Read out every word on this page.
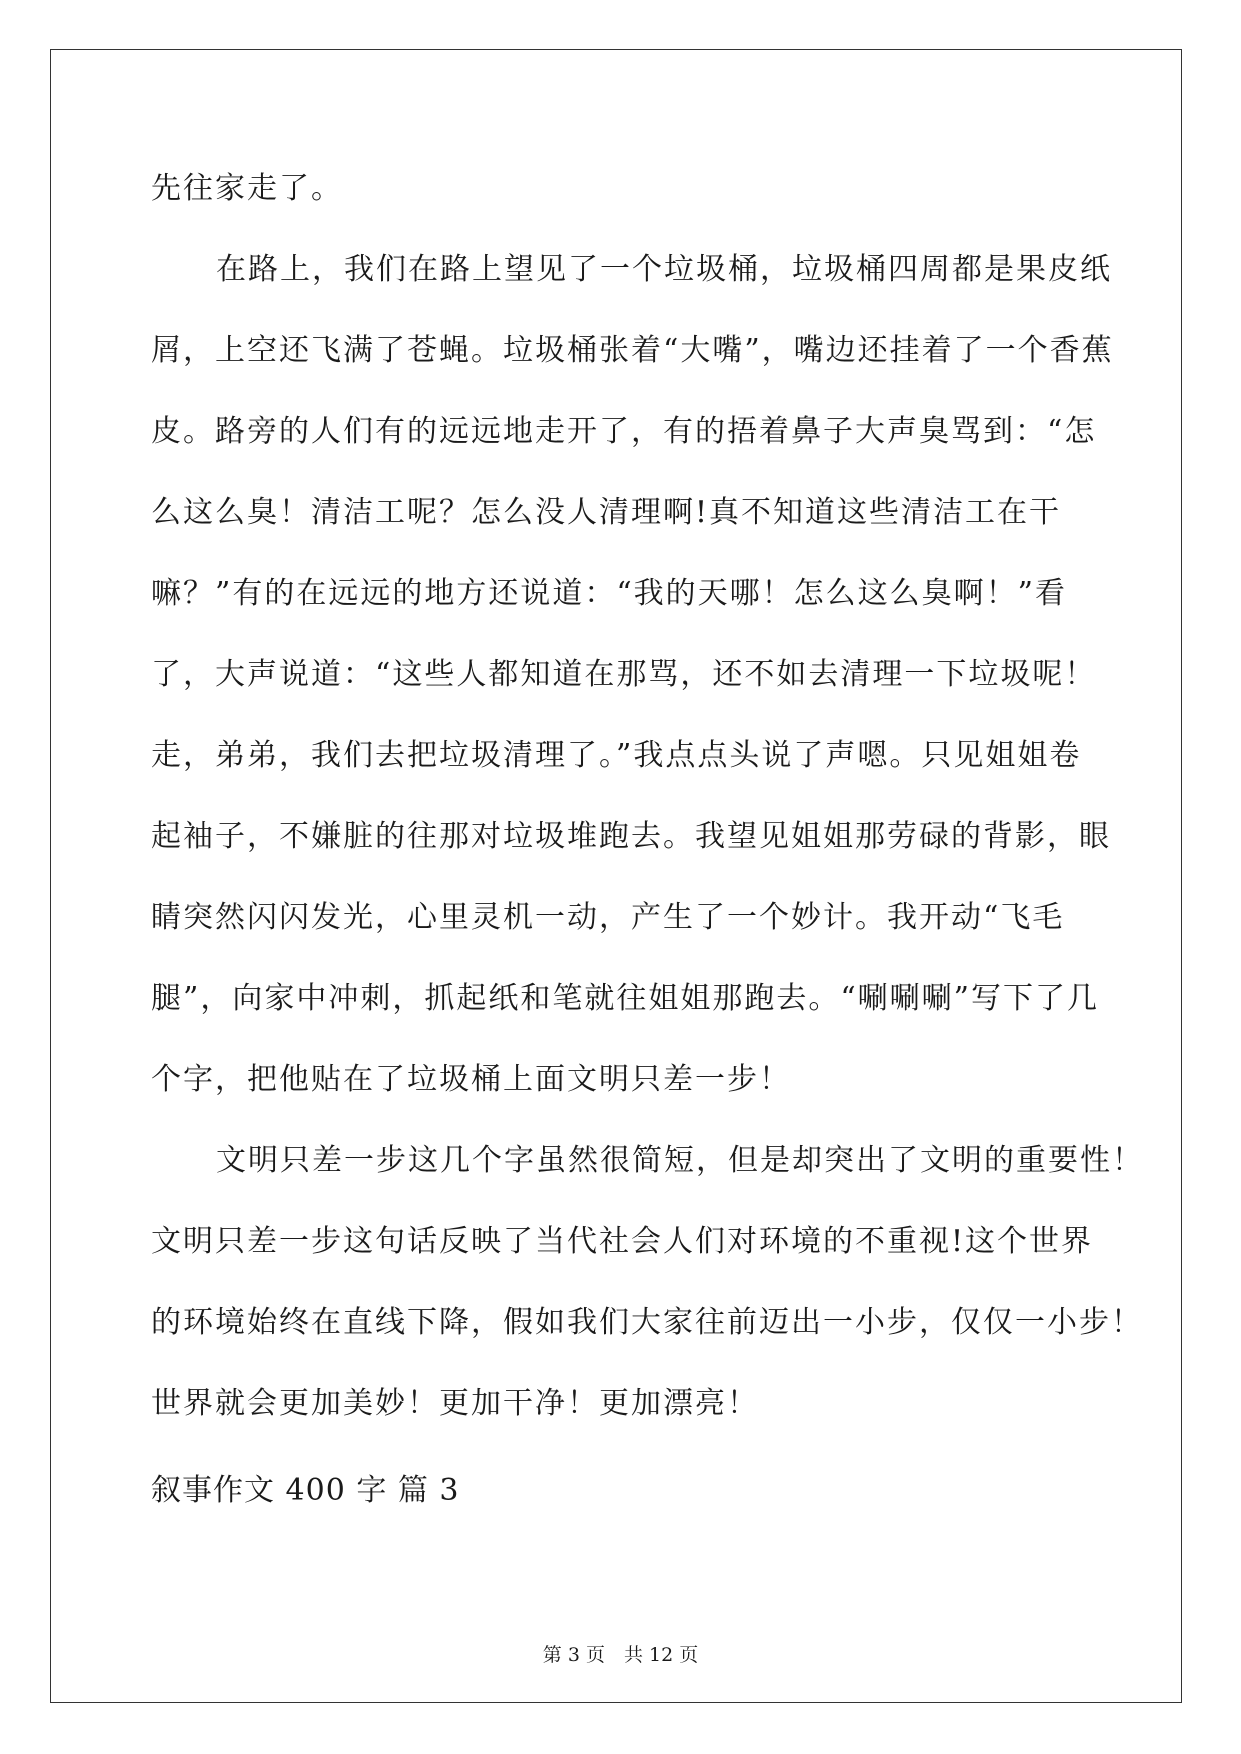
先往家走了。
在路上，我们在路上望见了一个垃圾桶，垃圾桶四周都是果皮纸
屑，上空还飞满了苍蝇。垃圾桶张着“大嘴”，嘴边还挂着了一个香蕉
皮。路旁的人们有的远远地走开了，有的捂着鼻子大声臭骂到：“怎
么这么臭！清洁工呢？怎么没人清理啊!真不知道这些清洁工在干
嘛？”有的在远远的地方还说道：“我的天哪！怎么这么臭啊！”看
了，大声说道：“这些人都知道在那骂，还不如去清理一下垃圾呢！
走，弟弟，我们去把垃圾清理了。”我点点头说了声嗯。只见姐姐卷
起袖子，不嫌脏的往那对垃圾堆跑去。我望见姐姐那劳碌的背影，眼
睛突然闪闪发光，心里灵机一动，产生了一个妙计。我开动“飞毛
腿”，向家中冲刺，抓起纸和笔就往姐姐那跑去。“唰唰唰”写下了几
个字，把他贴在了垃圾桶上面文明只差一步！
文明只差一步这几个字虽然很简短，但是却突出了文明的重要性！
文明只差一步这句话反映了当代社会人们对环境的不重视!这个世界
的环境始终在直线下降，假如我们大家往前迈出一小步，仅仅一小步！
世界就会更加美妙！更加干净！更加漂亮！
叙事作文 400 字 篇 3
第 3 页　共 12 页
